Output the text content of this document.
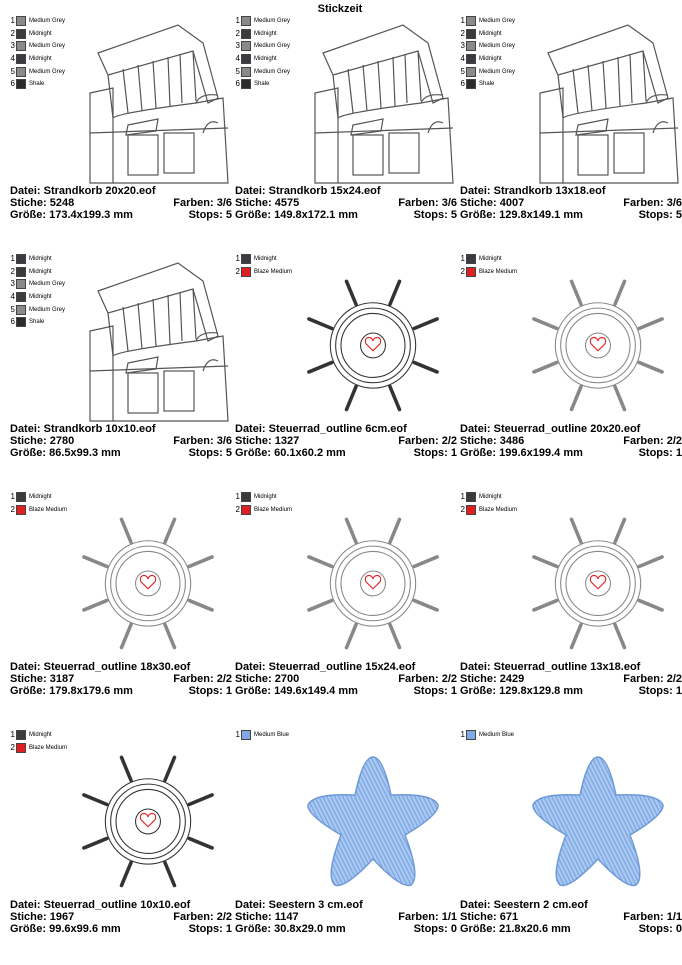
Stickzeit
1 Medium Grey
2 Midnight
3 Medium Grey
4 Midnight
5 Medium Grey
6 Shale
Datei: Strandkorb 20x20.eof
Stiche: 5248	Farben: 3/6
Größe: 173.4x199.3 mm	Stops: 5
1 Medium Grey
2 Midnight
3 Medium Grey
4 Midnight
5 Medium Grey
6 Shale
Datei: Strandkorb 15x24.eof
Stiche: 4575	Farben: 3/6
Größe: 149.8x172.1 mm	Stops: 5
1 Medium Grey
2 Midnight
3 Medium Grey
4 Midnight
5 Medium Grey
6 Shale
Datei: Strandkorb 13x18.eof
Stiche: 4007	Farben: 3/6
Größe: 129.8x149.1 mm	Stops: 5
1 Midnight
2 Midnight
3 Medium Grey
4 Midnight
5 Medium Grey
6 Shale
Datei: Strandkorb 10x10.eof
Stiche: 2780	Farben: 3/6
Größe: 86.5x99.3 mm	Stops: 5
1 Midnight
2 Blaze Medium
Datei: Steuerrad_outline 6cm.eof
Stiche: 1327	Farben: 2/2
Größe: 60.1x60.2 mm	Stops: 1
1 Midnight
2 Blaze Medium
Datei: Steuerrad_outline 20x20.eof
Stiche: 3486	Farben: 2/2
Größe: 199.6x199.4 mm	Stops: 1
1 Midnight
2 Blaze Medium
Datei: Steuerrad_outline 18x30.eof
Stiche: 3187	Farben: 2/2
Größe: 179.8x179.6 mm	Stops: 1
1 Midnight
2 Blaze Medium
Datei: Steuerrad_outline 15x24.eof
Stiche: 2700	Farben: 2/2
Größe: 149.6x149.4 mm	Stops: 1
1 Midnight
2 Blaze Medium
Datei: Steuerrad_outline 13x18.eof
Stiche: 2429	Farben: 2/2
Größe: 129.8x129.8 mm	Stops: 1
1 Midnight
2 Blaze Medium
Datei: Steuerrad_outline 10x10.eof
Stiche: 1967	Farben: 2/2
Größe: 99.6x99.6 mm	Stops: 1
1 Medium Blue
Datei: Seestern 3 cm.eof
Stiche: 1147	Farben: 1/1
Größe: 30.8x29.0 mm	Stops: 0
1 Medium Blue
Datei: Seestern 2 cm.eof
Stiche: 671	Farben: 1/1
Größe: 21.8x20.6 mm	Stops: 0
